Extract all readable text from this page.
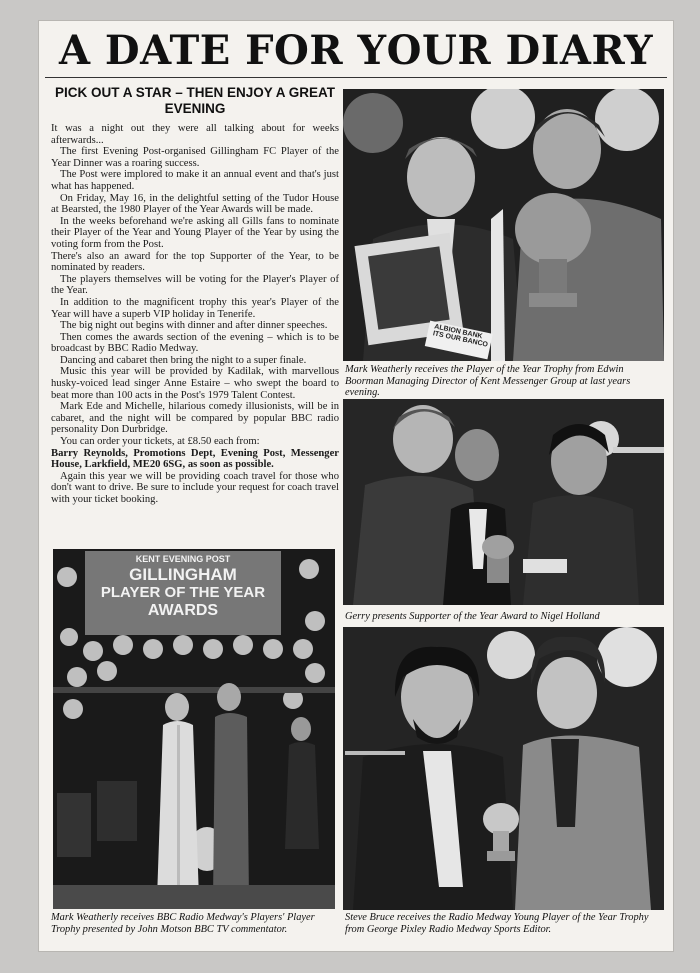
A DATE FOR YOUR DIARY
PICK OUT A STAR – THEN ENJOY A GREAT EVENING

It was a night out they were all talking about for weeks afterwards...

The first Evening Post-organised Gillingham FC Player of the Year Dinner was a roaring success.

The Post were implored to make it an annual event and that's just what has happened.

On Friday, May 16, in the delightful setting of the Tudor House at Bearsted, the 1980 Player of the Year Awards will be made.

In the weeks beforehand we're asking all Gills fans to nominate their Player of the Year and Young Player of the Year by using the voting form from the Post.

There's also an award for the top Supporter of the Year, to be nominated by readers.

The players themselves will be voting for the Player's Player of the Year.

In addition to the magnificent trophy this year's Player of the Year will have a superb VIP holiday in Tenerife.

The big night out begins with dinner and after dinner speeches.

Then comes the awards section of the evening – which is to be broadcast by BBC Radio Medway.

Dancing and cabaret then bring the night to a super finale.

Music this year will be provided by Kadilak, with marvellous husky-voiced lead singer Anne Estaire – who swept the board to beat more than 100 acts in the Post's 1979 Talent Contest.

Mark Ede and Michelle, hilarious comedy illusionists, will be in cabaret, and the night will be compared by popular BBC radio personality Don Durbridge.

You can order your tickets, at £8.50 each from:

Barry Reynolds, Promotions Dept, Evening Post, Messenger House, Larkfield, ME20 6SG, as soon as possible.

Again this year we will be providing coach travel for those who don't want to drive. Be sure to include your request for coach travel with your ticket booking.

ALBION BANK ITS OUR BANCO
Mark Weatherly receives the Player of the Year Trophy from Edwin Boorman Managing Director of Kent Messenger Group at last years evening.
Gerry presents Supporter of the Year Award to Nigel Holland
KENT EVENING POST
GILLINGHAM
PLAYER OF THE YEAR
AWARDS
Mark Weatherly receives BBC Radio Medway's Players' Player Trophy presented by John Motson BBC TV commentator.
Steve Bruce receives the Radio Medway Young Player of the Year Trophy from George Pixley Radio Medway Sports Editor.
